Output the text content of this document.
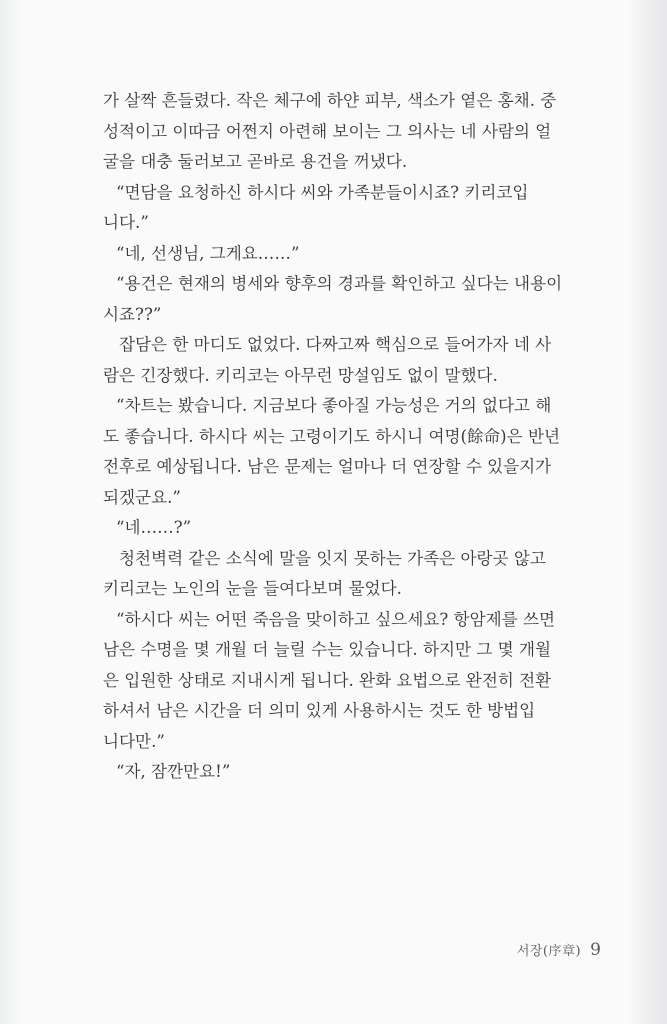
가 살짝 흔들렸다. 작은 체구에 하얀 피부, 색소가 옅은 홍채. 중
성적이고 이따금 어쩐지 아련해 보이는 그 의사는 네 사람의 얼
굴을 대충 둘러보고 곧바로 용건을 꺼냈다.
“면담을 요청하신 하시다 씨와 가족분들이시죠? 키리코입
니다.”
“네, 선생님, 그게요……”
“용건은 현재의 병세와 향후의 경과를 확인하고 싶다는 내용이
시죠??”
잡담은 한 마디도 없었다. 다짜고짜 핵심으로 들어가자 네 사
람은 긴장했다. 키리코는 아무런 망설임도 없이 말했다.
“차트는 봤습니다. 지금보다 좋아질 가능성은 거의 없다고 해
도 좋습니다. 하시다 씨는 고령이기도 하시니 여명(餘命)은 반년
전후로 예상됩니다. 남은 문제는 얼마나 더 연장할 수 있을지가
되겠군요.”
“네……?”
청천벽력 같은 소식에 말을 잇지 못하는 가족은 아랑곳 않고
키리코는 노인의 눈을 들여다보며 물었다.
“하시다 씨는 어떤 죽음을 맞이하고 싶으세요? 항암제를 쓰면
남은 수명을 몇 개월 더 늘릴 수는 있습니다. 하지만 그 몇 개월
은 입원한 상태로 지내시게 됩니다. 완화 요법으로 완전히 전환
하셔서 남은 시간을 더 의미 있게 사용하시는 것도 한 방법입
니다만.”
“자, 잠깐만요!”
서장(序章) 9
